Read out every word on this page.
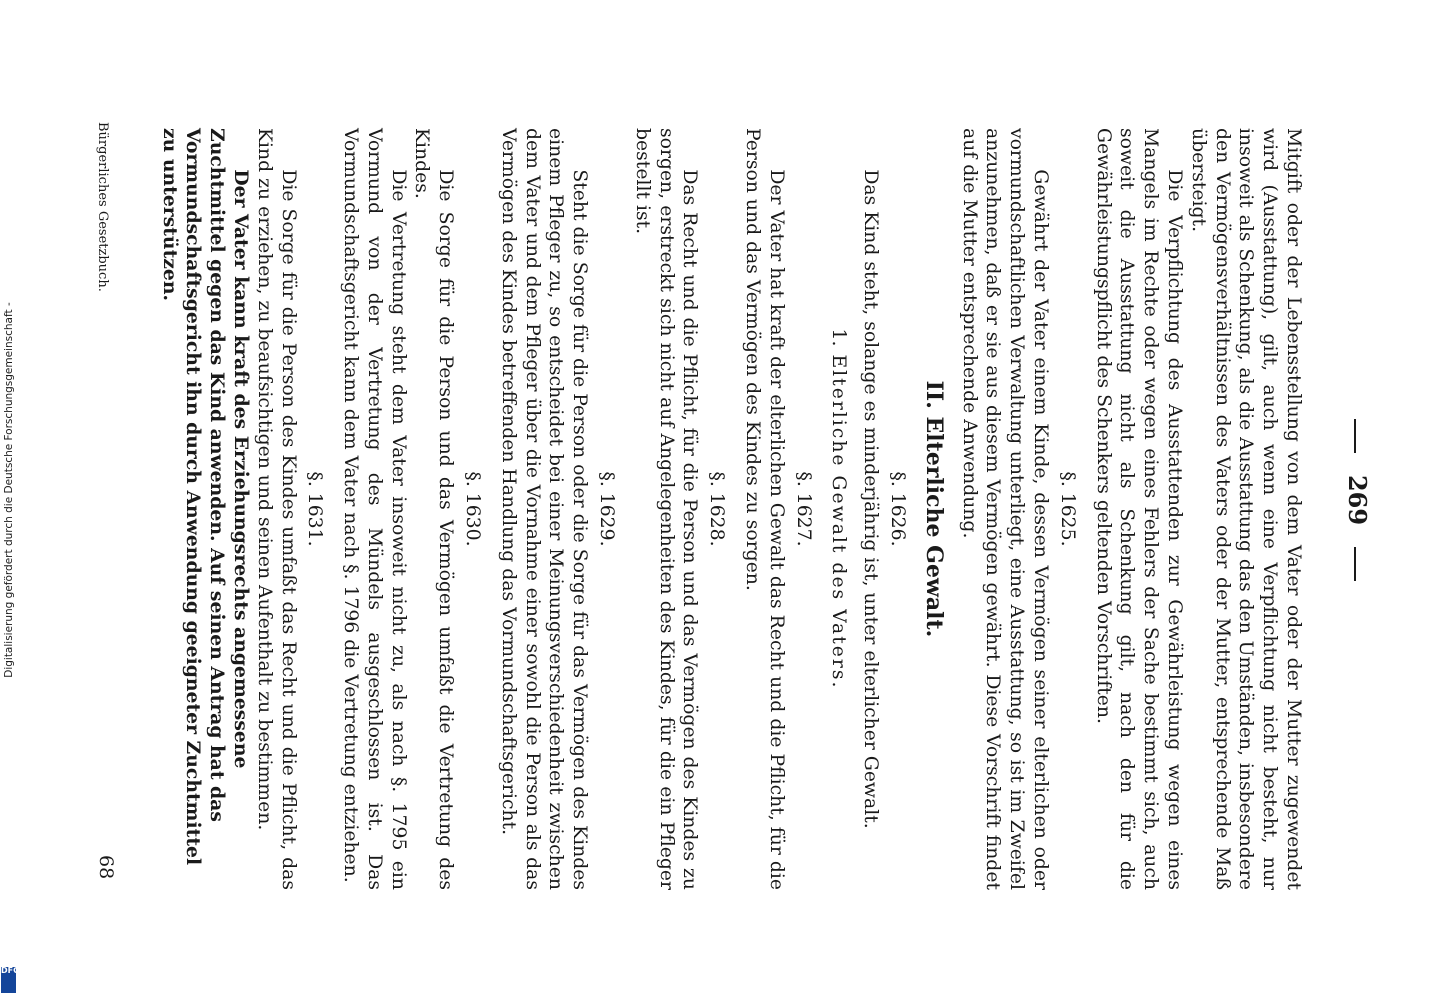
269

Mitgift oder der Lebensstellung von dem Vater oder der Mutter zugewendet wird (Ausstattung), gilt, auch wenn eine Verpflichtung nicht besteht, nur insoweit als Schenkung, als die Ausstattung das den Umständen, insbesondere den Vermögensverhältnissen des Vaters oder der Mutter, entsprechende Maß übersteigt.

Die Verpflichtung des Ausstattenden zur Gewährleistung wegen eines Mangels im Rechte oder wegen eines Fehlers der Sache bestimmt sich, auch soweit die Ausstattung nicht als Schenkung gilt, nach den für die Gewährleistungspflicht des Schenkers geltenden Vorschriften.

§. 1625.

Gewährt der Vater einem Kinde, dessen Vermögen seiner elterlichen oder vormundschaftlichen Verwaltung unterliegt, eine Ausstattung, so ist im Zweifel anzunehmen, daß er sie aus diesem Vermögen gewährt. Diese Vorschrift findet auf die Mutter entsprechende Anwendung.

II. Elterliche Gewalt.
§. 1626.

Das Kind steht, solange es minderjährig ist, unter elterlicher Gewalt.

1. Elterliche Gewalt des Vaters.
§. 1627.

Der Vater hat kraft der elterlichen Gewalt das Recht und die Pflicht, für die Person und das Vermögen des Kindes zu sorgen.

§. 1628.

Das Recht und die Pflicht, für die Person und das Vermögen des Kindes zu sorgen, erstreckt sich nicht auf Angelegenheiten des Kindes, für die ein Pfleger bestellt ist.

§. 1629.

Steht die Sorge für die Person oder die Sorge für das Vermögen des Kindes einem Pfleger zu, so entscheidet bei einer Meinungsverschiedenheit zwischen dem Vater und dem Pfleger über die Vornahme einer sowohl die Person als das Vermögen des Kindes betreffenden Handlung das Vormundschaftsgericht.

§. 1630.

Die Sorge für die Person und das Vermögen umfaßt die Vertretung des Kindes.

Die Vertretung steht dem Vater insoweit nicht zu, als nach §. 1795 ein Vormund von der Vertretung des Mündels ausgeschlossen ist. Das Vormundschaftsgericht kann dem Vater nach §. 1796 die Vertretung entziehen.

§. 1631.

Die Sorge für die Person des Kindes umfaßt das Recht und die Pflicht, das Kind zu erziehen, zu beaufsichtigen und seinen Aufenthalt zu bestimmen.

Der Vater kann kraft des Erziehungsrechts angemessene Zuchtmittel gegen das Kind anwenden. Auf seinen Antrag hat das Vormundschaftsgericht ihn durch Anwendung geeigneter Zuchtmittel zu unterstützen.

Bürgerliches Gesetzbuch.
68
Digitalisierung gefördert durch die Deutsche Forschungsgemeinschaft -
DFG
